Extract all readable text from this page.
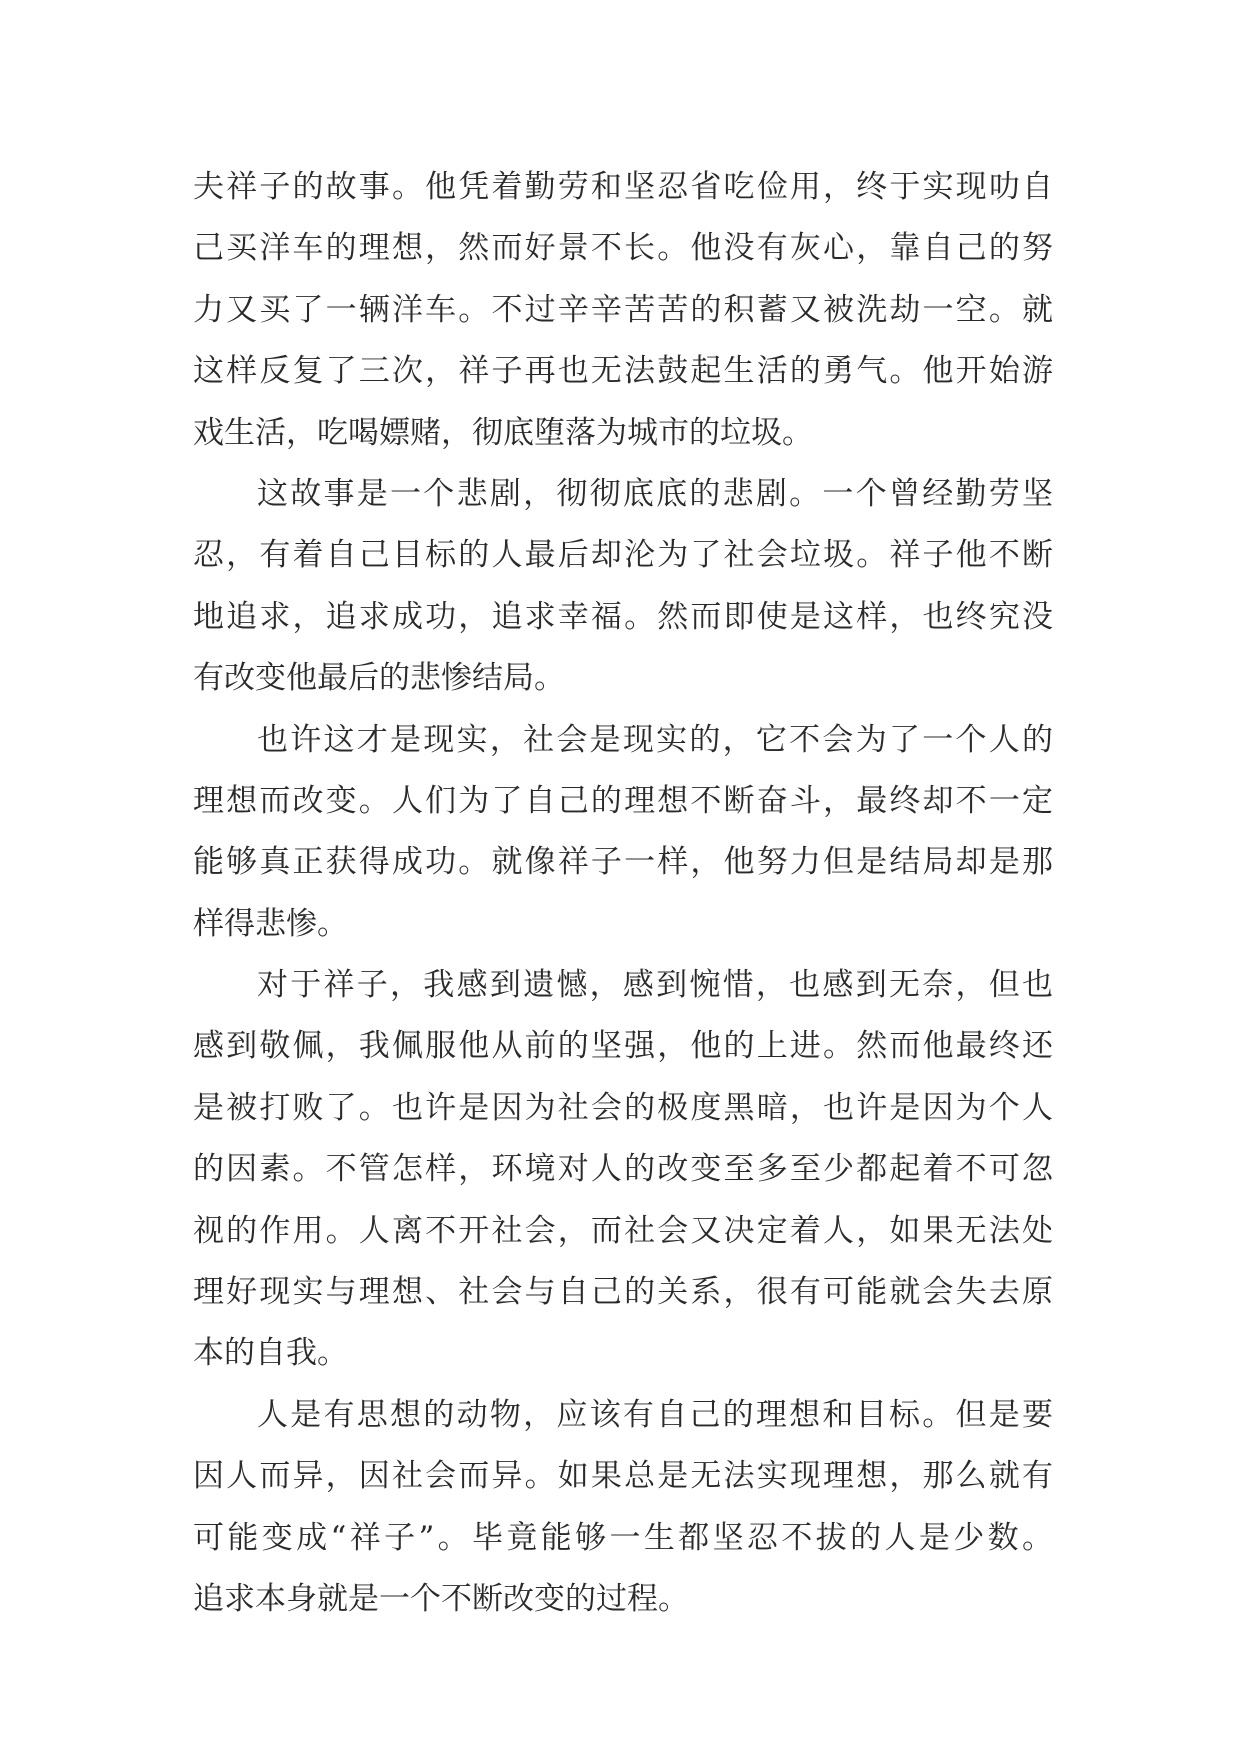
夫祥子的故事。他凭着勤劳和坚忍省吃俭用，终于实现叻自
己买洋车的理想，然而好景不长。他没有灰心，靠自己的努
力又买了一辆洋车。不过辛辛苦苦的积蓄又被洗劫一空。就
这样反复了三次，祥子再也无法鼓起生活的勇气。他开始游
戏生活，吃喝嫖赌，彻底堕落为城市的垃圾。
这故事是一个悲剧，彻彻底底的悲剧。一个曾经勤劳坚
忍，有着自己目标的人最后却沦为了社会垃圾。祥子他不断
地追求，追求成功，追求幸福。然而即使是这样，也终究没
有改变他最后的悲惨结局。
也许这才是现实，社会是现实的，它不会为了一个人的
理想而改变。人们为了自己的理想不断奋斗，最终却不一定
能够真正获得成功。就像祥子一样，他努力但是结局却是那
样得悲惨。
对于祥子，我感到遗憾，感到惋惜，也感到无奈，但也
感到敬佩，我佩服他从前的坚强，他的上进。然而他最终还
是被打败了。也许是因为社会的极度黑暗，也许是因为个人
的因素。不管怎样，环境对人的改变至多至少都起着不可忽
视的作用。人离不开社会，而社会又决定着人，如果无法处
理好现实与理想、社会与自己的关系，很有可能就会失去原
本的自我。
人是有思想的动物，应该有自己的理想和目标。但是要
因人而异，因社会而异。如果总是无法实现理想，那么就有
可能变成“祥子”。毕竟能够一生都坚忍不拔的人是少数。
追求本身就是一个不断改变的过程。
